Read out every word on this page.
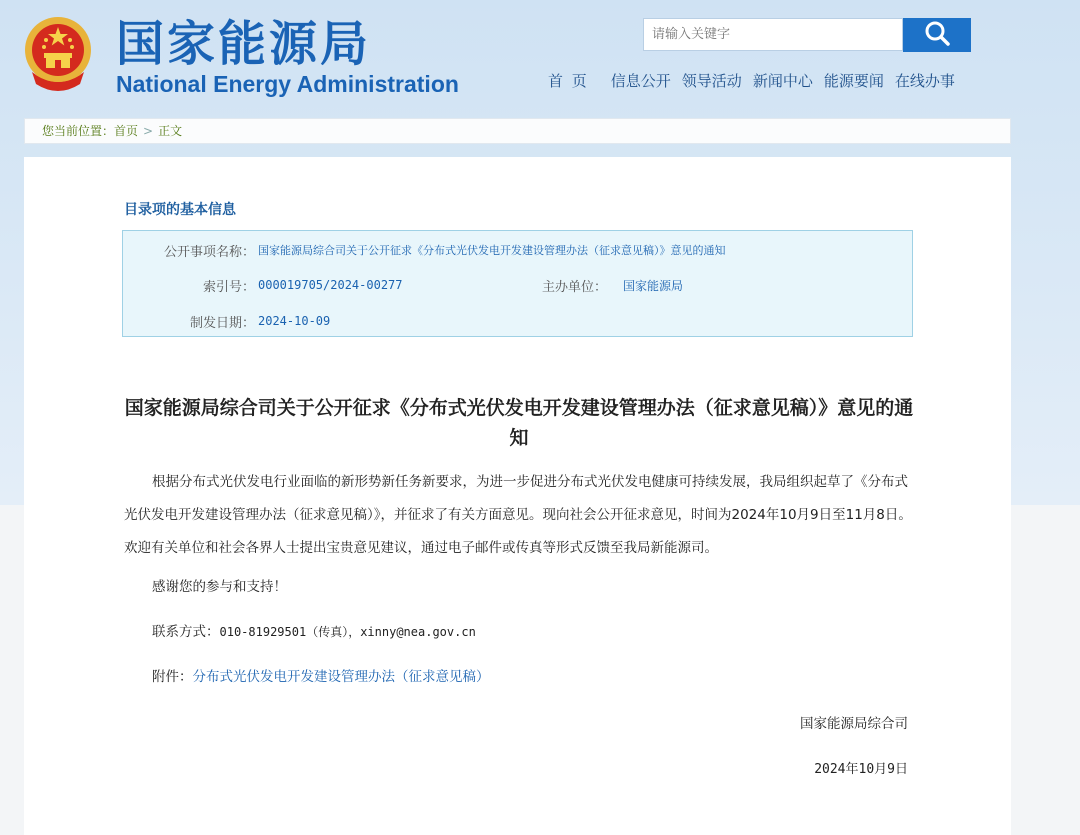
国家能源局
National Energy Administration
请输入关键字	首 页 信息公开 领导活动 新闻中心 能源要闻 在线办事
您当前位置：首页 > 正文
目录项的基本信息
公开事项名称： 国家能源局综合司关于公开征求《分布式光伏发电开发建设管理办法（征求意见稿）》意见的通知
索引号： 000019705/2024-00277	主办单位： 国家能源局
制发日期： 2024-10-09
国家能源局综合司关于公开征求《分布式光伏发电开发建设管理办法（征求意见稿）》意见的通知
根据分布式光伏发电行业面临的新形势新任务新要求，为进一步促进分布式光伏发电健康可持续发展，我局组织起草了《分布式光伏发电开发建设管理办法（征求意见稿）》，并征求了有关方面意见。现向社会公开征求意见，时间为2024年10月9日至11月8日。欢迎有关单位和社会各界人士提出宝贵意见建议，通过电子邮件或传真等形式反馈至我局新能源司。
感谢您的参与和支持！
联系方式：010-81929501（传真），xinny@nea.gov.cn
附件：分布式光伏发电开发建设管理办法（征求意见稿）
国家能源局综合司
2024年10月9日
